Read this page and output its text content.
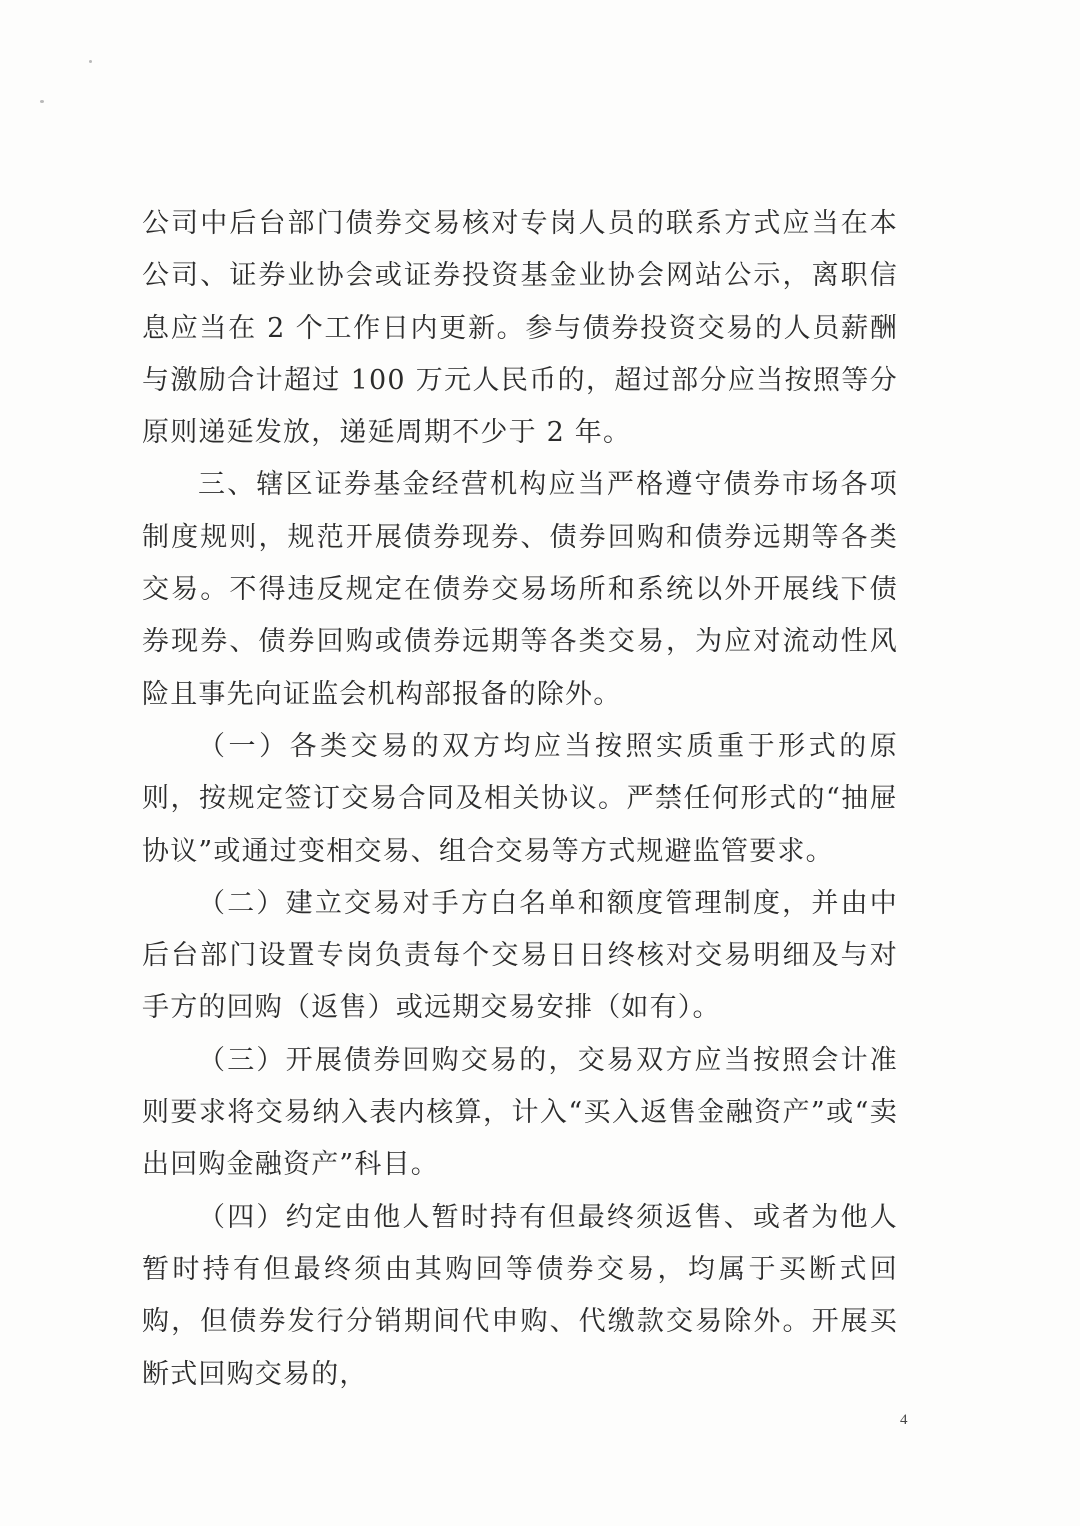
公司中后台部门债券交易核对专岗人员的联系方式应当在本公司、证券业协会或证券投资基金业协会网站公示，离职信息应当在 2 个工作日内更新。参与债券投资交易的人员薪酬与激励合计超过 100 万元人民币的，超过部分应当按照等分原则递延发放，递延周期不少于 2 年。

三、辖区证券基金经营机构应当严格遵守债券市场各项制度规则，规范开展债券现券、债券回购和债券远期等各类交易。不得违反规定在债券交易场所和系统以外开展线下债券现券、债券回购或债券远期等各类交易，为应对流动性风险且事先向证监会机构部报备的除外。

（一）各类交易的双方均应当按照实质重于形式的原则，按规定签订交易合同及相关协议。严禁任何形式的“抽屉协议”或通过变相交易、组合交易等方式规避监管要求。

（二）建立交易对手方白名单和额度管理制度，并由中后台部门设置专岗负责每个交易日日终核对交易明细及与对手方的回购（返售）或远期交易安排（如有）。

（三）开展债券回购交易的，交易双方应当按照会计准则要求将交易纳入表内核算，计入“买入返售金融资产”或“卖出回购金融资产”科目。

（四）约定由他人暂时持有但最终须返售、或者为他人暂时持有但最终须由其购回等债券交易，均属于买断式回购，但债券发行分销期间代申购、代缴款交易除外。开展买断式回购交易的，

4
